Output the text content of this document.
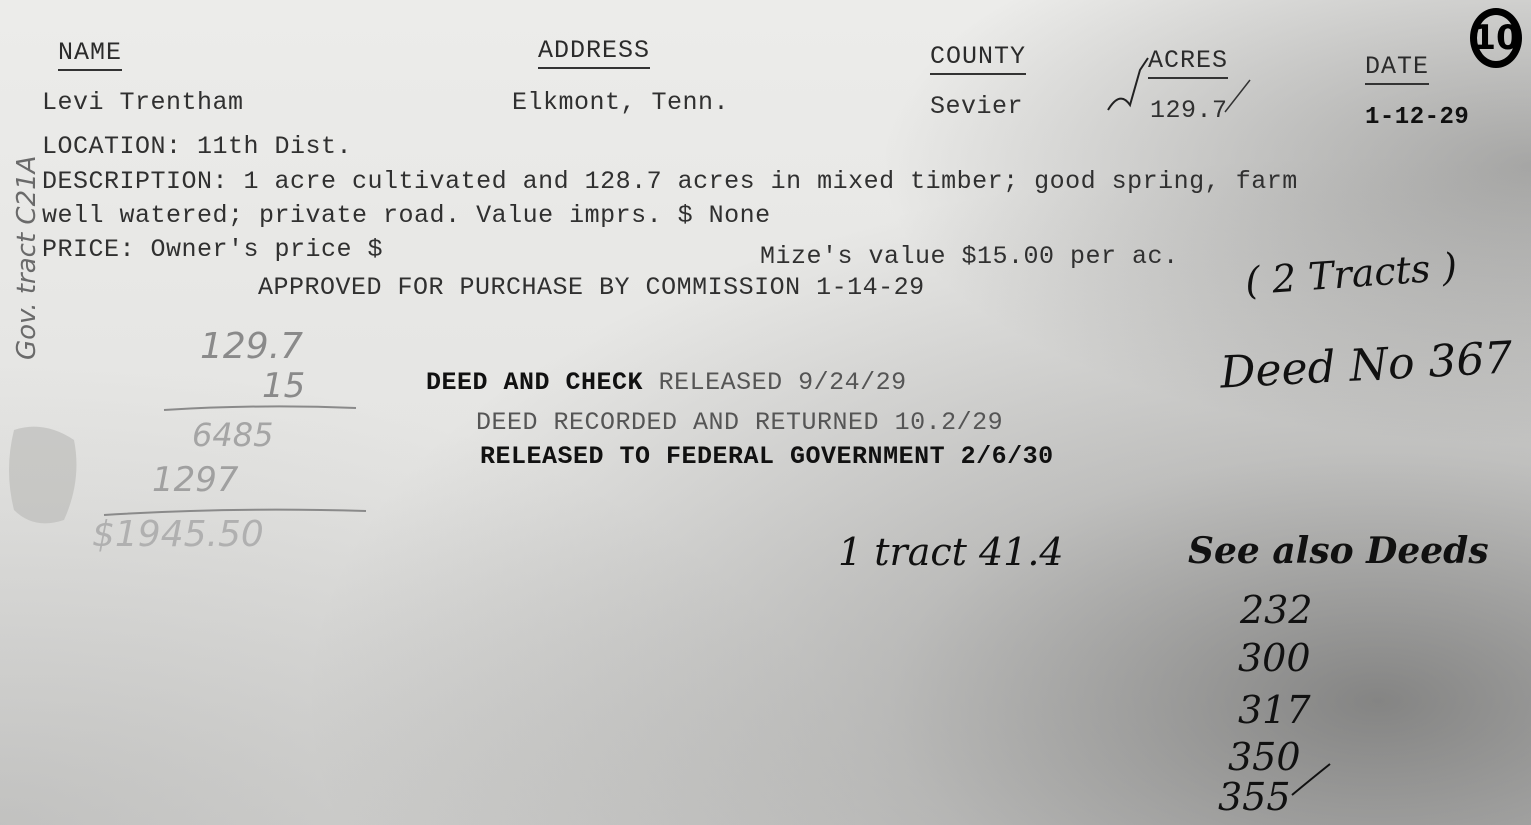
NAME	ADDRESS	COUNTY	ACRES	DATE
10
Levi Trentham	Elkmont, Tenn.	Sevier	129.7	1-12-29
LOCATION: 11th Dist.
DESCRIPTION: 1 acre cultivated and 128.7 acres in mixed timber; good spring, farm
well watered; private road. Value imprs. $ None
PRICE: Owner's price $	Mize's value $15.00 per ac.
APPROVED FOR PURCHASE BY COMMISSION 1-14-29
DEED AND CHECK RELEASED 9/24/29
DEED RECORDED AND RETURNED 10.2/29
RELEASED TO FEDERAL GOVERNMENT 2/6/30
( 2 Tracts )
Deed No 367
1 tract 41.4	See also Deeds
232
300
317
350
355
129.7
15
6485
1297
$1945.50
Gov. tract C21A
